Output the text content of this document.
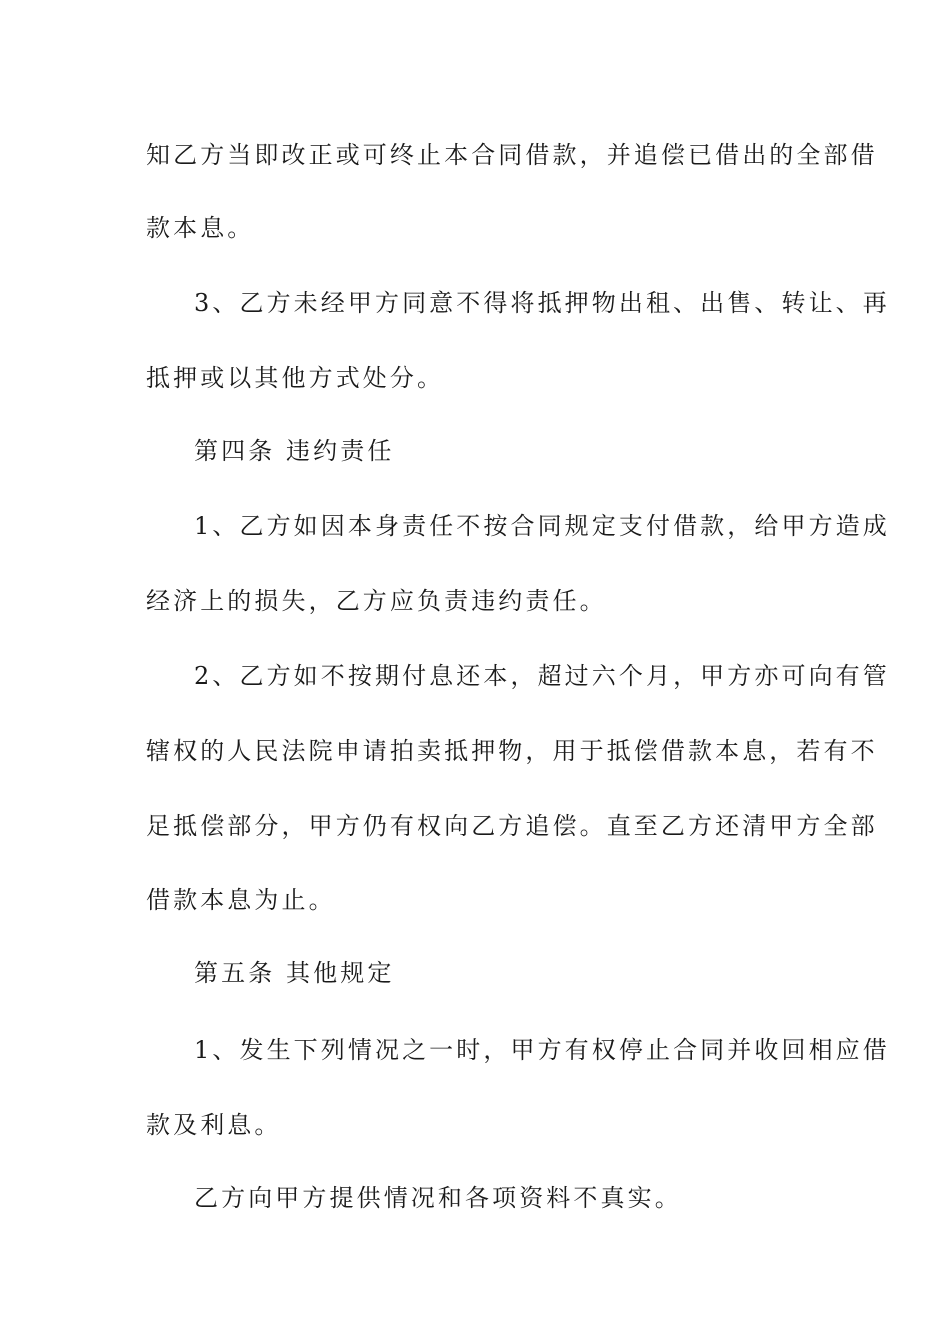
知乙方当即改正或可终止本合同借款，并追偿已借出的全部借
款本息。
3、乙方未经甲方同意不得将抵押物出租、出售、转让、再
抵押或以其他方式处分。
第四条 违约责任
1、乙方如因本身责任不按合同规定支付借款，给甲方造成
经济上的损失，乙方应负责违约责任。
2、乙方如不按期付息还本，超过六个月，甲方亦可向有管
辖权的人民法院申请拍卖抵押物，用于抵偿借款本息，若有不
足抵偿部分，甲方仍有权向乙方追偿。直至乙方还清甲方全部
借款本息为止。
第五条 其他规定
1、发生下列情况之一时，甲方有权停止合同并收回相应借
款及利息。
乙方向甲方提供情况和各项资料不真实。
